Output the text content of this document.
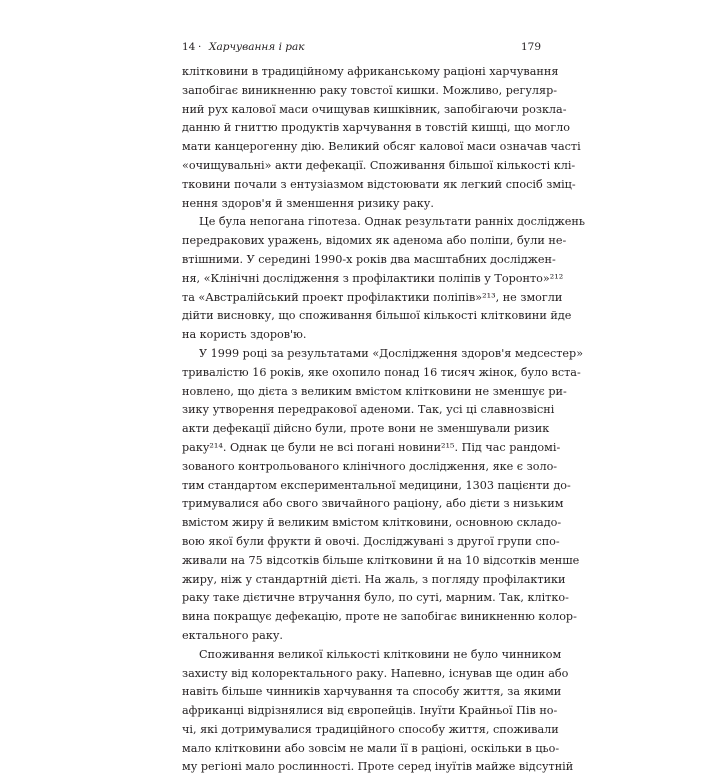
14 · Харчування і рак	179
клітковини в традиційному африканському раціоні харчування
запобігає виникненню раку товстої кишки. Можливо, регуляр-
ний рух калової маси очищував кишківник, запобігаючи розкла-
данню й гниттю продуктів харчування в товстій кишці, що могло
мати канцерогенну дію. Великий обсяг калової маси означав часті
«очищувальні» акти дефекації. Споживання більшої кількості клі-
тковини почали з ентузіазмом відстоювати як легкий спосіб зміц-
нення здоров'я й зменшення ризику раку.
Це була непогана гіпотеза. Однак результати ранніх досліджень
передракових уражень, відомих як аденома або поліпи, були не-
втішними. У середині 1990-х років два масштабних досліджен-
ня, «Клінічні дослідження з профілактики поліпів у Торонто»²¹²
та «Австралійський проект профілактики поліпів»²¹³, не змогли
дійти висновку, що споживання більшої кількості клітковини йде
на користь здоров'ю.
У 1999 році за результатами «Дослідження здоров'я медсестер»
тривалістю 16 років, яке охопило понад 16 тисяч жінок, було вста-
новлено, що дієта з великим вмістом клітковини не зменшує ри-
зику утворення передракової аденоми. Так, усі ці славнозвісні
акти дефекації дійсно були, проте вони не зменшували ризик
раку²¹⁴. Однак це були не всі погані новини²¹⁵. Під час рандомі-
зованого контрольованого клінічного дослідження, яке є золо-
тим стандартом експериментальної медицини, 1303 пацієнти до-
тримувалися або свого звичайного раціону, або дієти з низьким
вмістом жиру й великим вмістом клітковини, основною складо-
вою якої були фрукти й овочі. Досліджувані з другої групи спо-
живали на 75 відсотків більше клітковини й на 10 відсотків менше
жиру, ніж у стандартній дієті. На жаль, з погляду профілактики
раку таке дієтичне втручання було, по суті, марним. Так, кліткo-
вина покращує дефекацію, проте не запобігає виникненню колор-
ектального раку.
Споживання великої кількості клітковини не було чинником
захисту від колоректального раку. Напевно, існував ще один або
навіть більше чинників харчування та способу життя, за якими
африканці відрізнялися від європейців. Інуїти Крайньої Пів но-
чі, які дотримувалися традиційного способу життя, споживали
мало клітковини або зовсім не мали її в раціоні, оскільки в цьо-
му регіоні мало рослинності. Проте серед інуїтів майже відсутній
